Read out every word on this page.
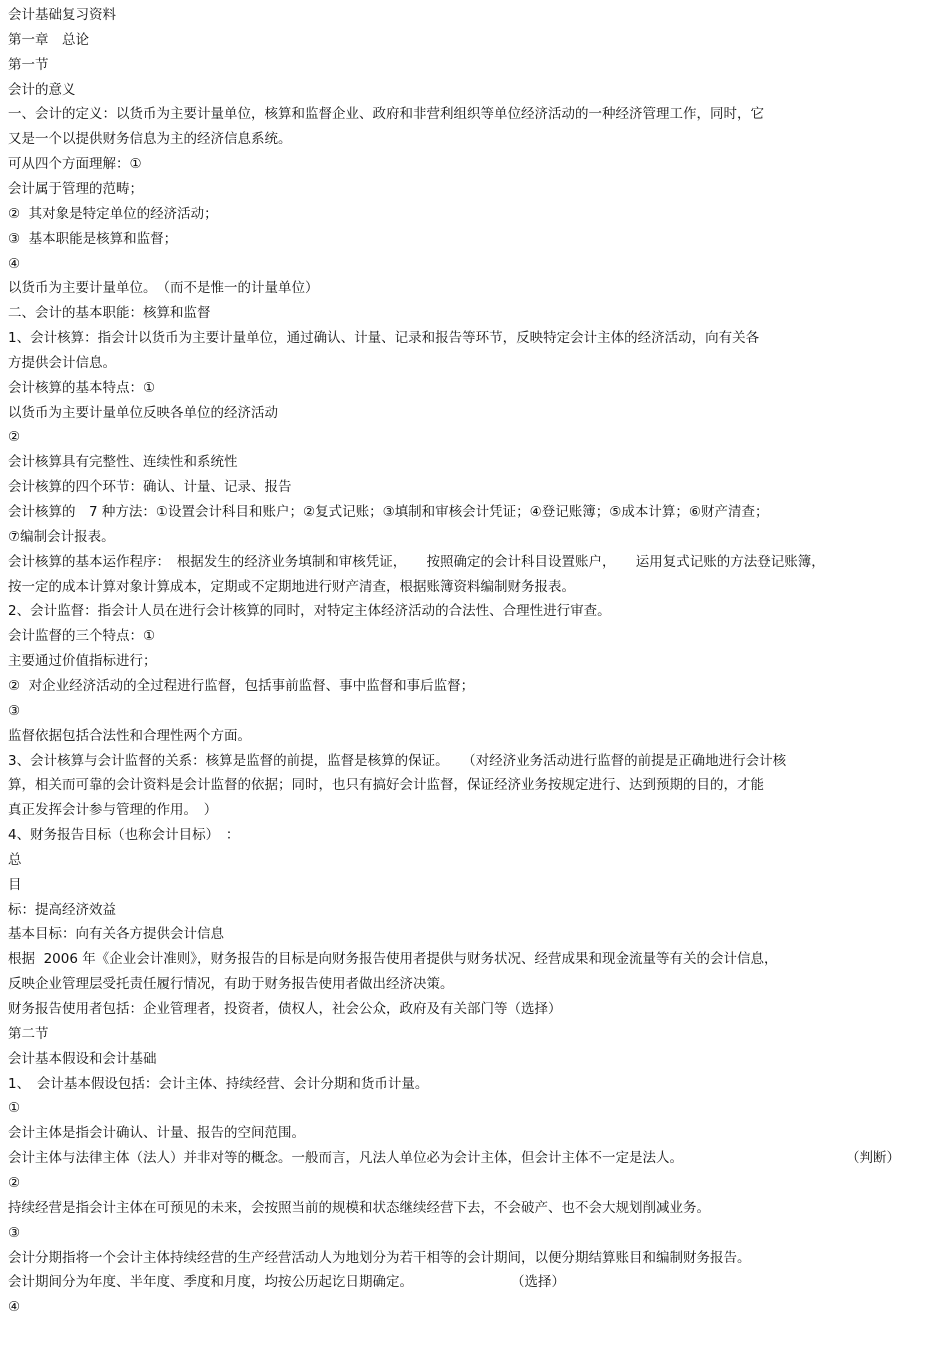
会计基础复习资料
第一章　总论
第一节
会计的意义
一、会计的定义：以货币为主要计量单位，核算和监督企业、政府和非营利组织等单位经济活动的一种经济管理工作，同时，它
又是一个以提供财务信息为主的经济信息系统。
可从四个方面理解：①
会计属于管理的范畴；
②  其对象是特定单位的经济活动；
③  基本职能是核算和监督；
④
以货币为主要计量单位。　（而不是惟一的计量单位）
二、会计的基本职能：核算和监督
1、会计核算：指会计以货币为主要计量单位，通过确认、计量、记录和报告等环节，反映特定会计主体的经济活动，向有关各
方提供会计信息。
会计核算的基本特点：①
以货币为主要计量单位反映各单位的经济活动
②
会计核算具有完整性、连续性和系统性
会计核算的四个环节：确认、计量、记录、报告
会计核算的　7 种方法：①设置会计科目和账户；②复式记账；③填制和审核会计凭证；④登记账簿；⑤成本计算；⑥财产清查；
⑦编制会计报表。
会计核算的基本运作程序：　根据发生的经济业务填制和审核凭证，　　按照确定的会计科目设置账户，　　运用复式记账的方法登记账簿，
按一定的成本计算对象计算成本，定期或不定期地进行财产清查，根据账簿资料编制财务报表。
2、会计监督：指会计人员在进行会计核算的同时，对特定主体经济活动的合法性、合理性进行审查。
会计监督的三个特点：①
主要通过价值指标进行；
②  对企业经济活动的全过程进行监督，包括事前监督、事中监督和事后监督；
③
监督依据包括合法性和合理性两个方面。
3、会计核算与会计监督的关系：核算是监督的前提，监督是核算的保证。　　（对经济业务活动进行监督的前提是正确地进行会计核
算，相关而可靠的会计资料是会计监督的依据；同时，也只有搞好会计监督，保证经济业务按规定进行、达到预期的目的，才能
真正发挥会计参与管理的作用。　）
4、财务报告目标（也称会计目标）　：
总
目
标：提高经济效益
基本目标：向有关各方提供会计信息
根据  2006 年《企业会计准则》，财务报告的目标是向财务报告使用者提供与财务状况、经营成果和现金流量等有关的会计信息，
反映企业管理层受托责任履行情况，有助于财务报告使用者做出经济决策。
财务报告使用者包括：企业管理者，投资者，债权人，社会公众，政府及有关部门等（选择）
第二节
会计基本假设和会计基础
1、　会计基本假设包括：会计主体、持续经营、会计分期和货币计量。
①
会计主体是指会计确认、计量、报告的空间范围。
会计主体与法律主体（法人）并非对等的概念。一般而言，凡法人单位必为会计主体，但会计主体不一定是法人。
②
持续经营是指会计主体在可预见的未来，会按照当前的规模和状态继续经营下去，不会破产、也不会大规划削减业务。
③
会计分期指将一个会计主体持续经营的生产经营活动人为地划分为若干相等的会计期间，以便分期结算账目和编制财务报告。
会计期间分为年度、半年度、季度和月度，均按公历起讫日期确定。
④
（判断）
（选择）
